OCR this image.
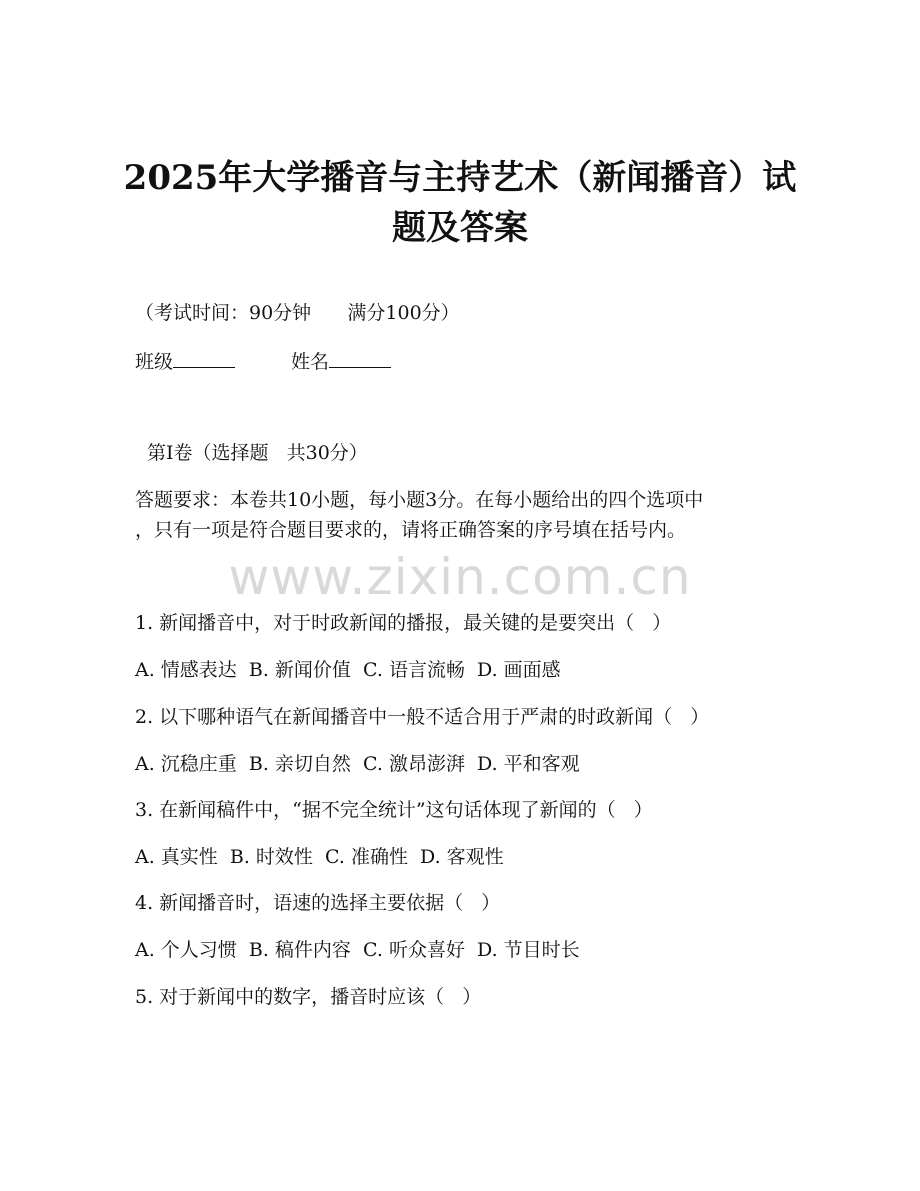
2025年大学播音与主持艺术（新闻播音）试
题及答案

（考试时间：90分钟      满分100分）

班级	姓名

第I卷（选择题   共30分）

答题要求：本卷共10小题，每小题3分。在每小题给出的四个选项中

，只有一项是符合题目要求的，请将正确答案的序号填在括号内。

www.zixin.com.cn

1. 新闻播音中，对于时政新闻的播报，最关键的是要突出（   ）

A. 情感表达  B. 新闻价值  C. 语言流畅  D. 画面感

2. 以下哪种语气在新闻播音中一般不适合用于严肃的时政新闻（   ）

A. 沉稳庄重  B. 亲切自然  C. 激昂澎湃  D. 平和客观

3. 在新闻稿件中，“据不完全统计”这句话体现了新闻的（   ）

A. 真实性  B. 时效性  C. 准确性  D. 客观性

4. 新闻播音时，语速的选择主要依据（   ）

A. 个人习惯  B. 稿件内容  C. 听众喜好  D. 节目时长

5. 对于新闻中的数字，播音时应该（   ）
